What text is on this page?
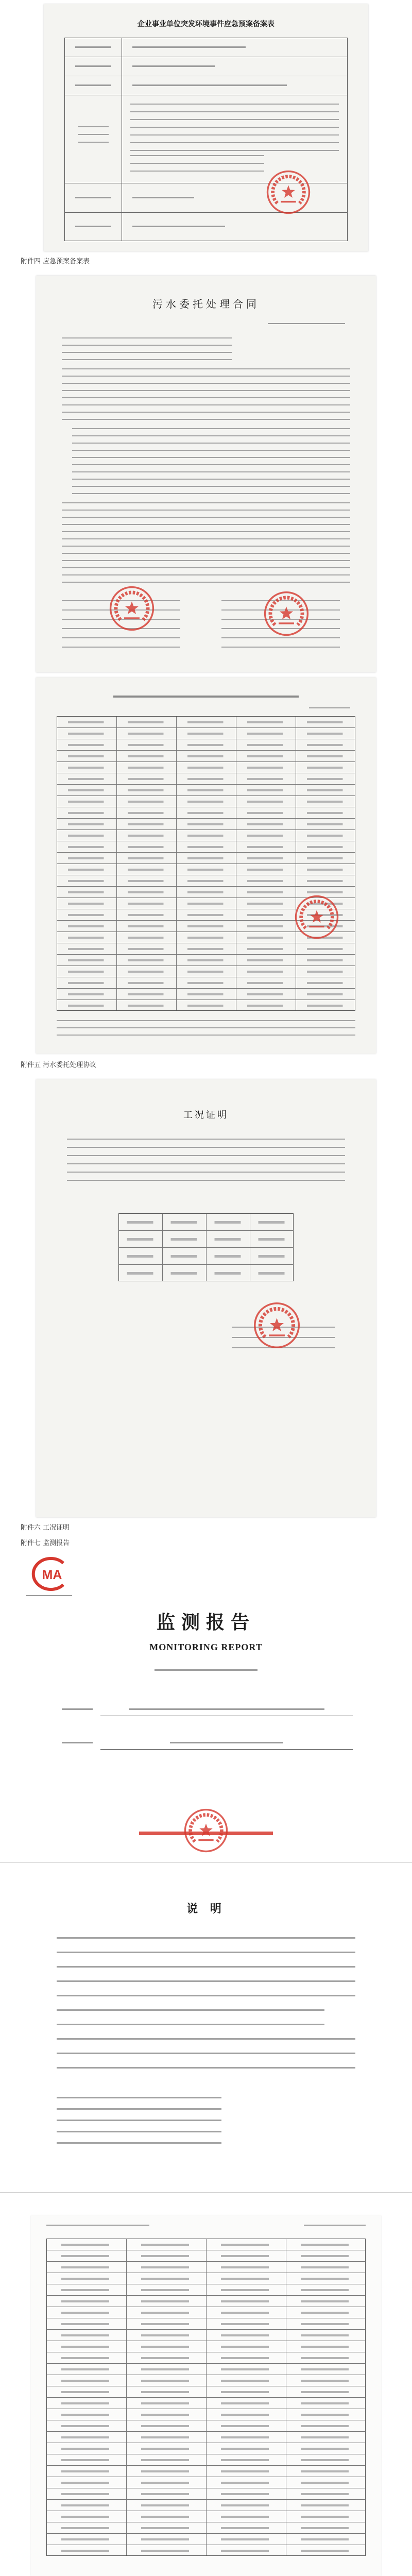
企业事业单位突发环境事件应急预案备案表
附件四 应急预案备案表
污水委托处理合同
附件五 污水委托处理协议
工况证明
附件六 工况证明
附件七 监测报告
MA
监测报告
MONITORING REPORT
说 明
